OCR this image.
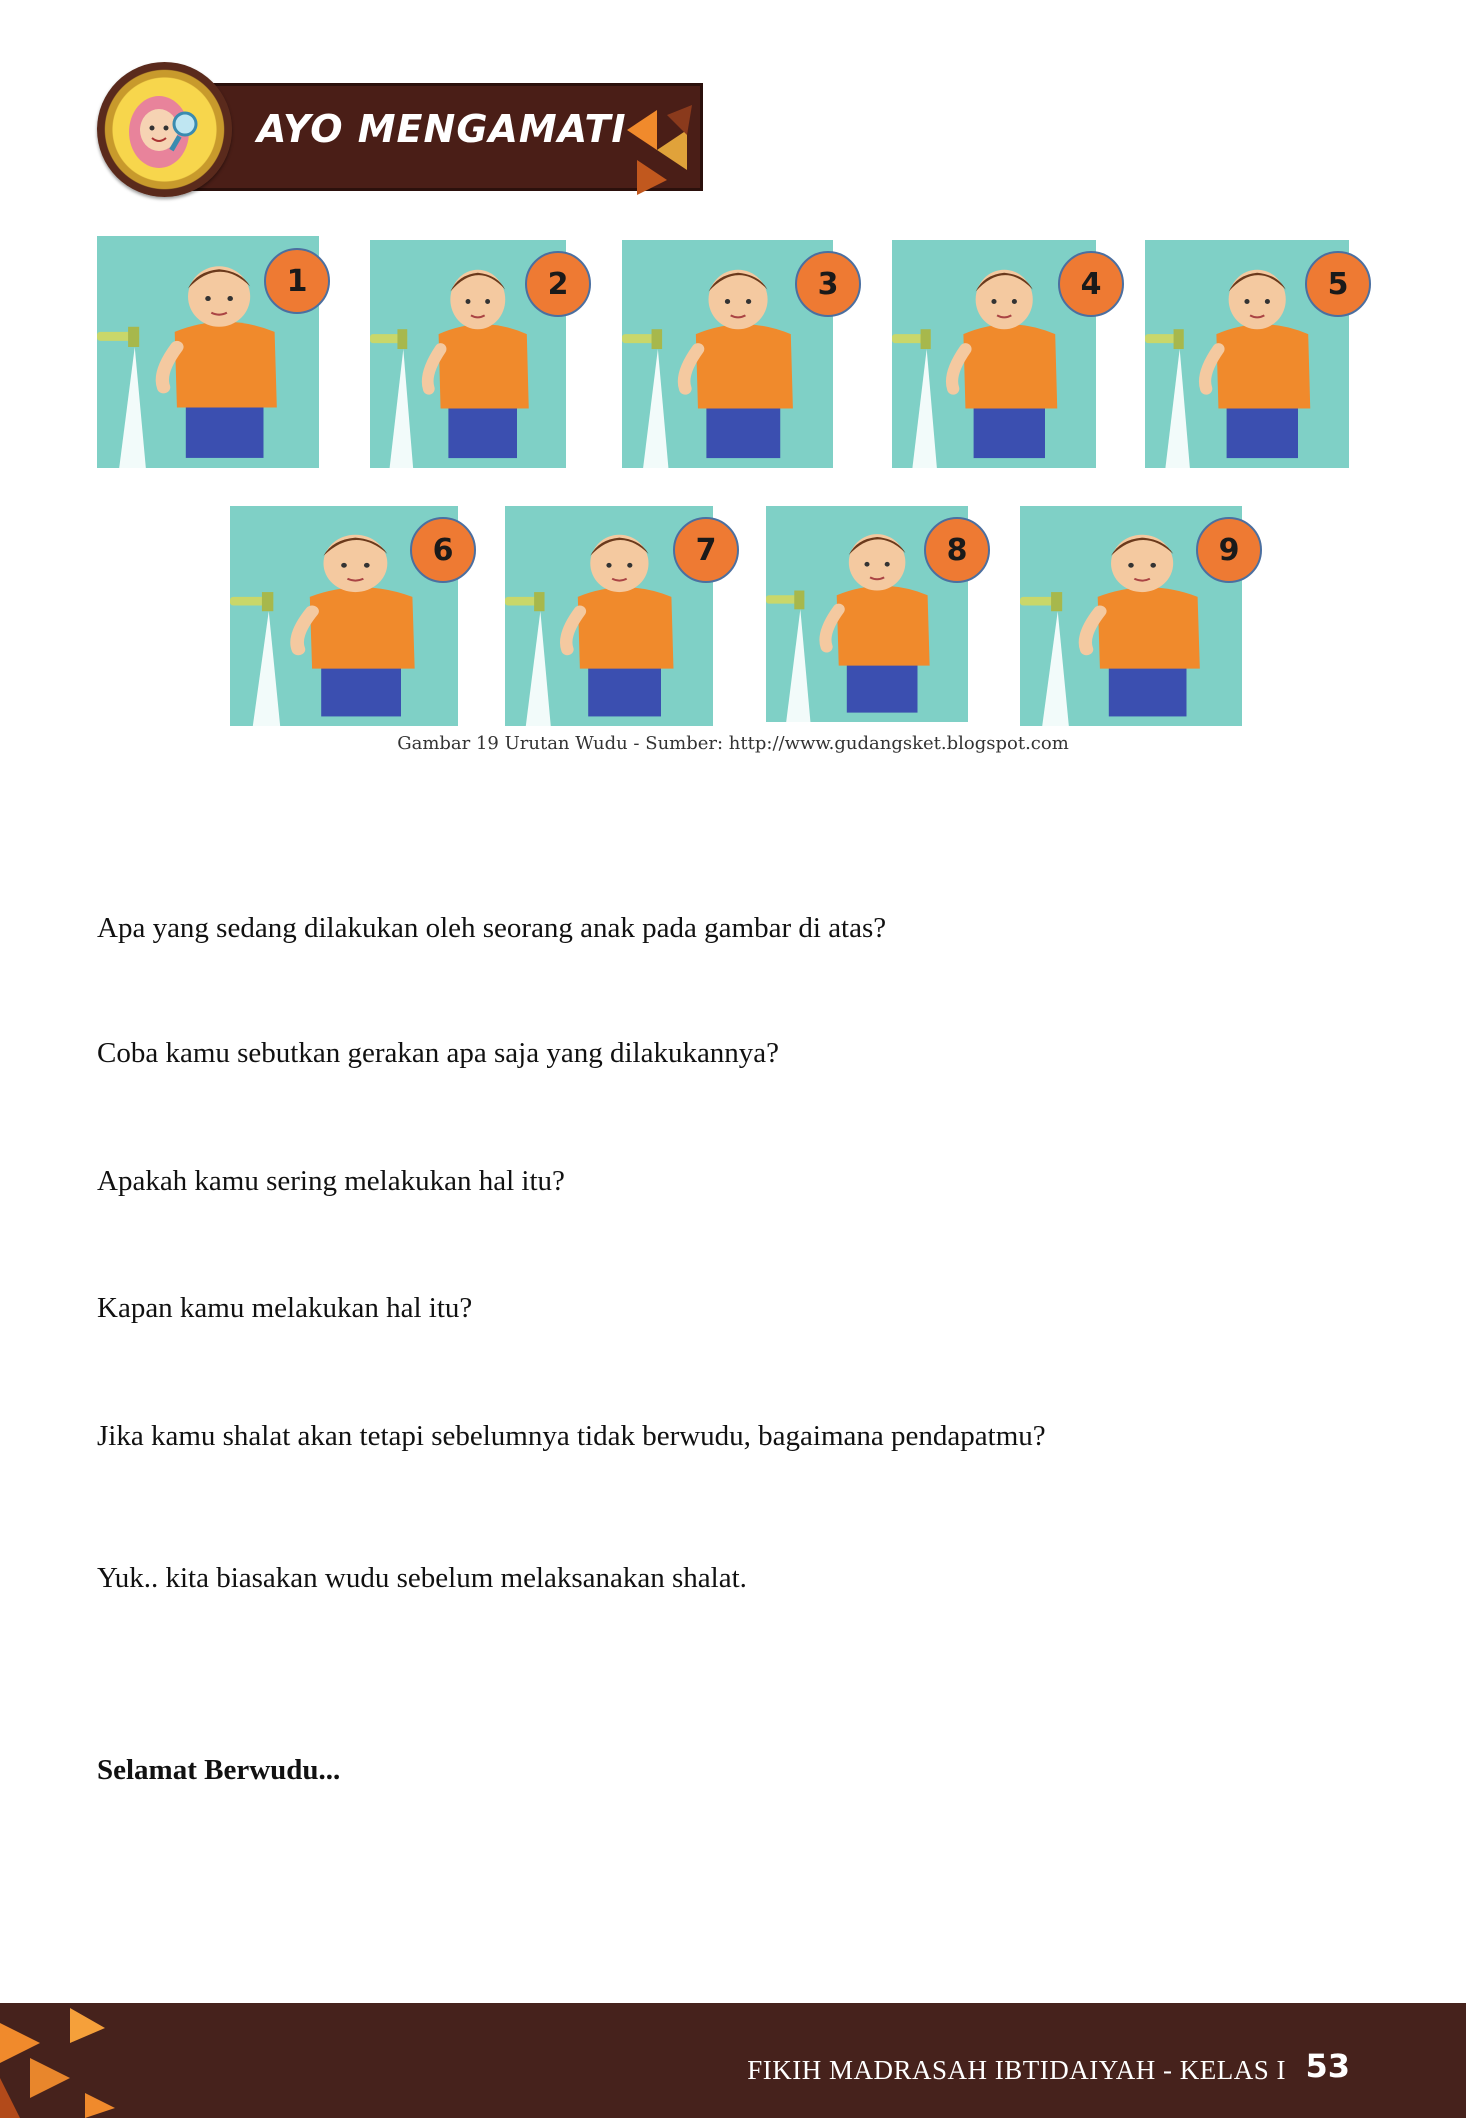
AYO MENGAMATI
1	2	3	4	5
6	7	8	9
Gambar 19 Urutan Wudu - Sumber: http://www.gudangsket.blogspot.com
Apa yang sedang dilakukan oleh seorang anak pada gambar di atas?
Coba kamu sebutkan gerakan apa saja yang dilakukannya?
Apakah kamu sering melakukan hal itu?
Kapan kamu melakukan hal itu?
Jika kamu shalat akan tetapi sebelumnya tidak berwudu, bagaimana pendapatmu?
Yuk.. kita biasakan wudu sebelum melaksanakan shalat.
Selamat Berwudu...
FIKIH MADRASAH IBTIDAIYAH - KELAS I 53
